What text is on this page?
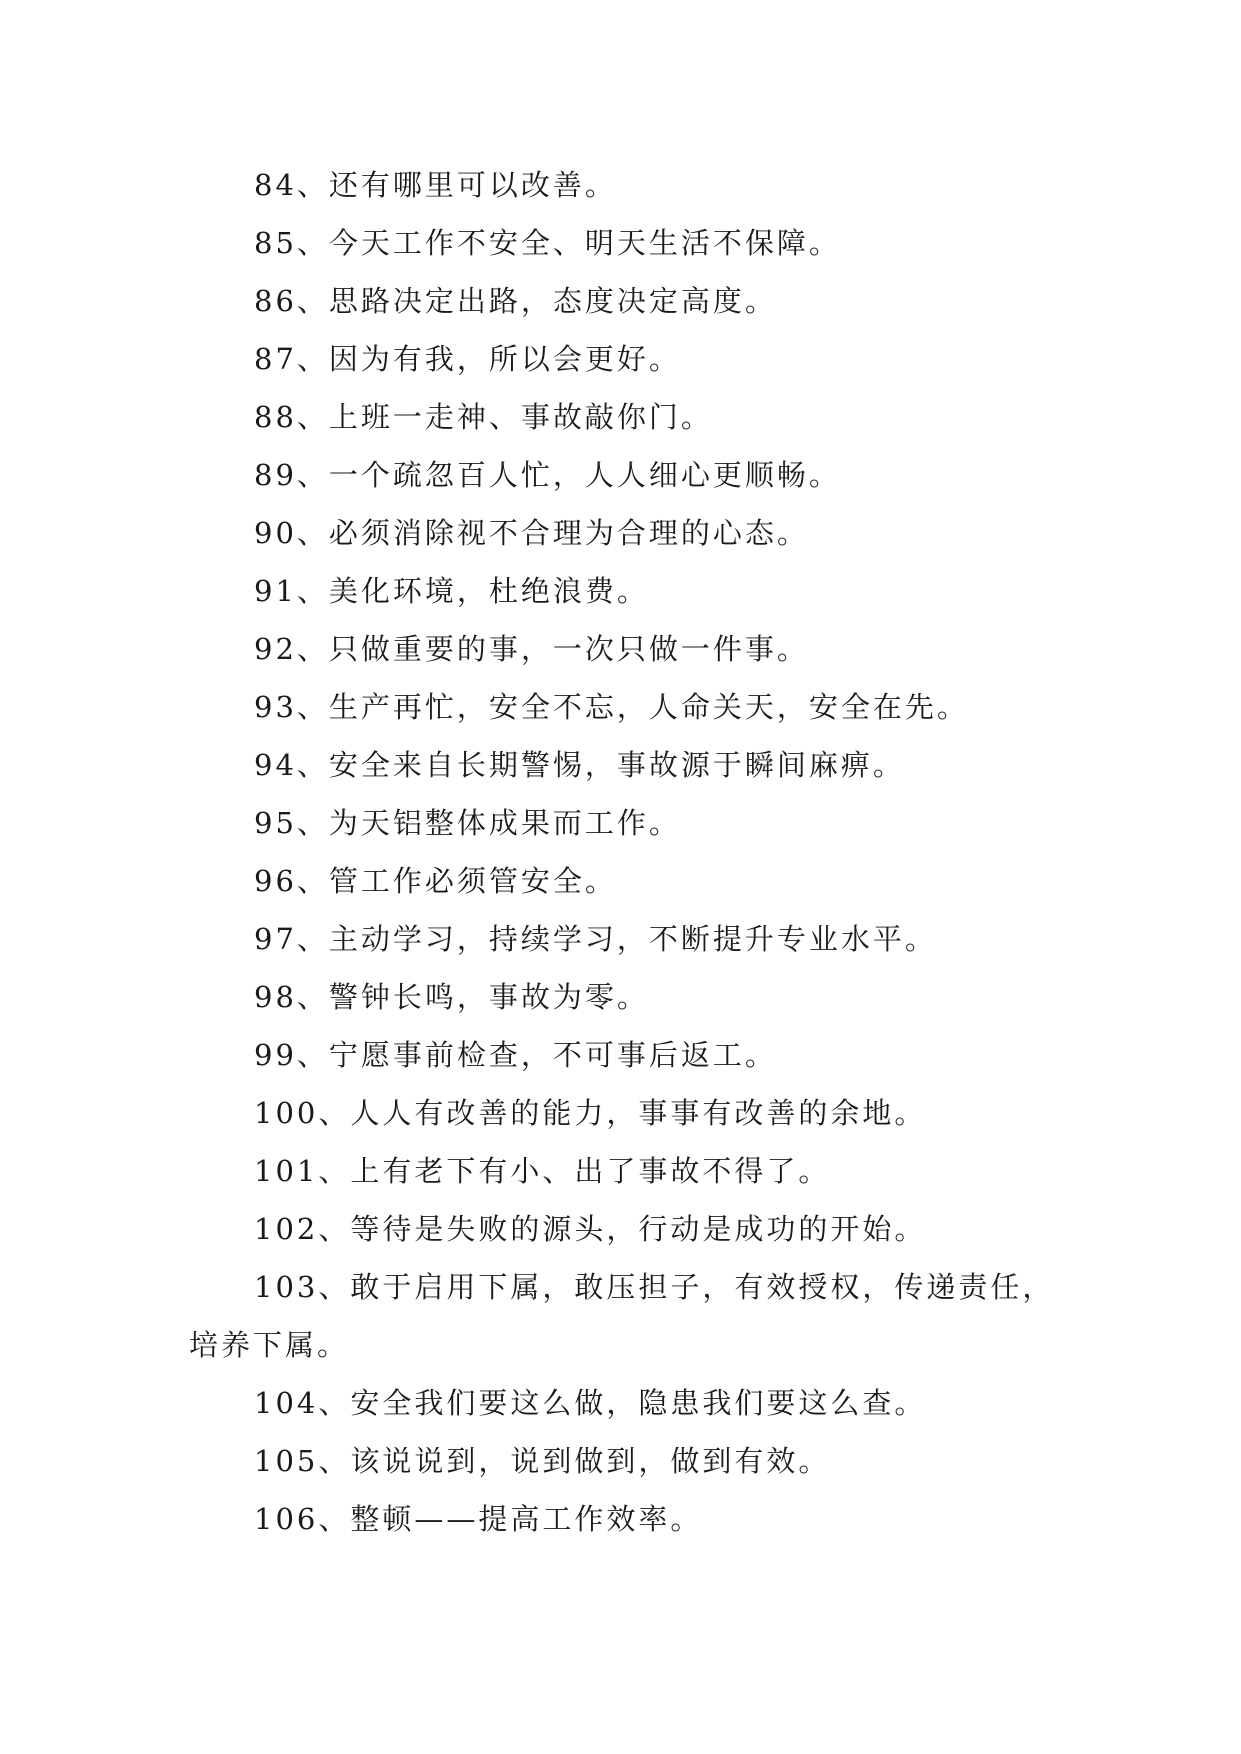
84、还有哪里可以改善。
85、今天工作不安全、明天生活不保障。
86、思路决定出路，态度决定高度。
87、因为有我，所以会更好。
88、上班一走神、事故敲你门。
89、一个疏忽百人忙，人人细心更顺畅。
90、必须消除视不合理为合理的心态。
91、美化环境，杜绝浪费。
92、只做重要的事，一次只做一件事。
93、生产再忙，安全不忘，人命关天，安全在先。
94、安全来自长期警惕，事故源于瞬间麻痹。
95、为天铝整体成果而工作。
96、管工作必须管安全。
97、主动学习，持续学习，不断提升专业水平。
98、警钟长鸣，事故为零。
99、宁愿事前检查，不可事后返工。
100、人人有改善的能力，事事有改善的余地。
101、上有老下有小、出了事故不得了。
102、等待是失败的源头，行动是成功的开始。
103、敢于启用下属，敢压担子，有效授权，传递责任，
培养下属。
104、安全我们要这么做，隐患我们要这么查。
105、该说说到，说到做到，做到有效。
106、整顿——提高工作效率。
